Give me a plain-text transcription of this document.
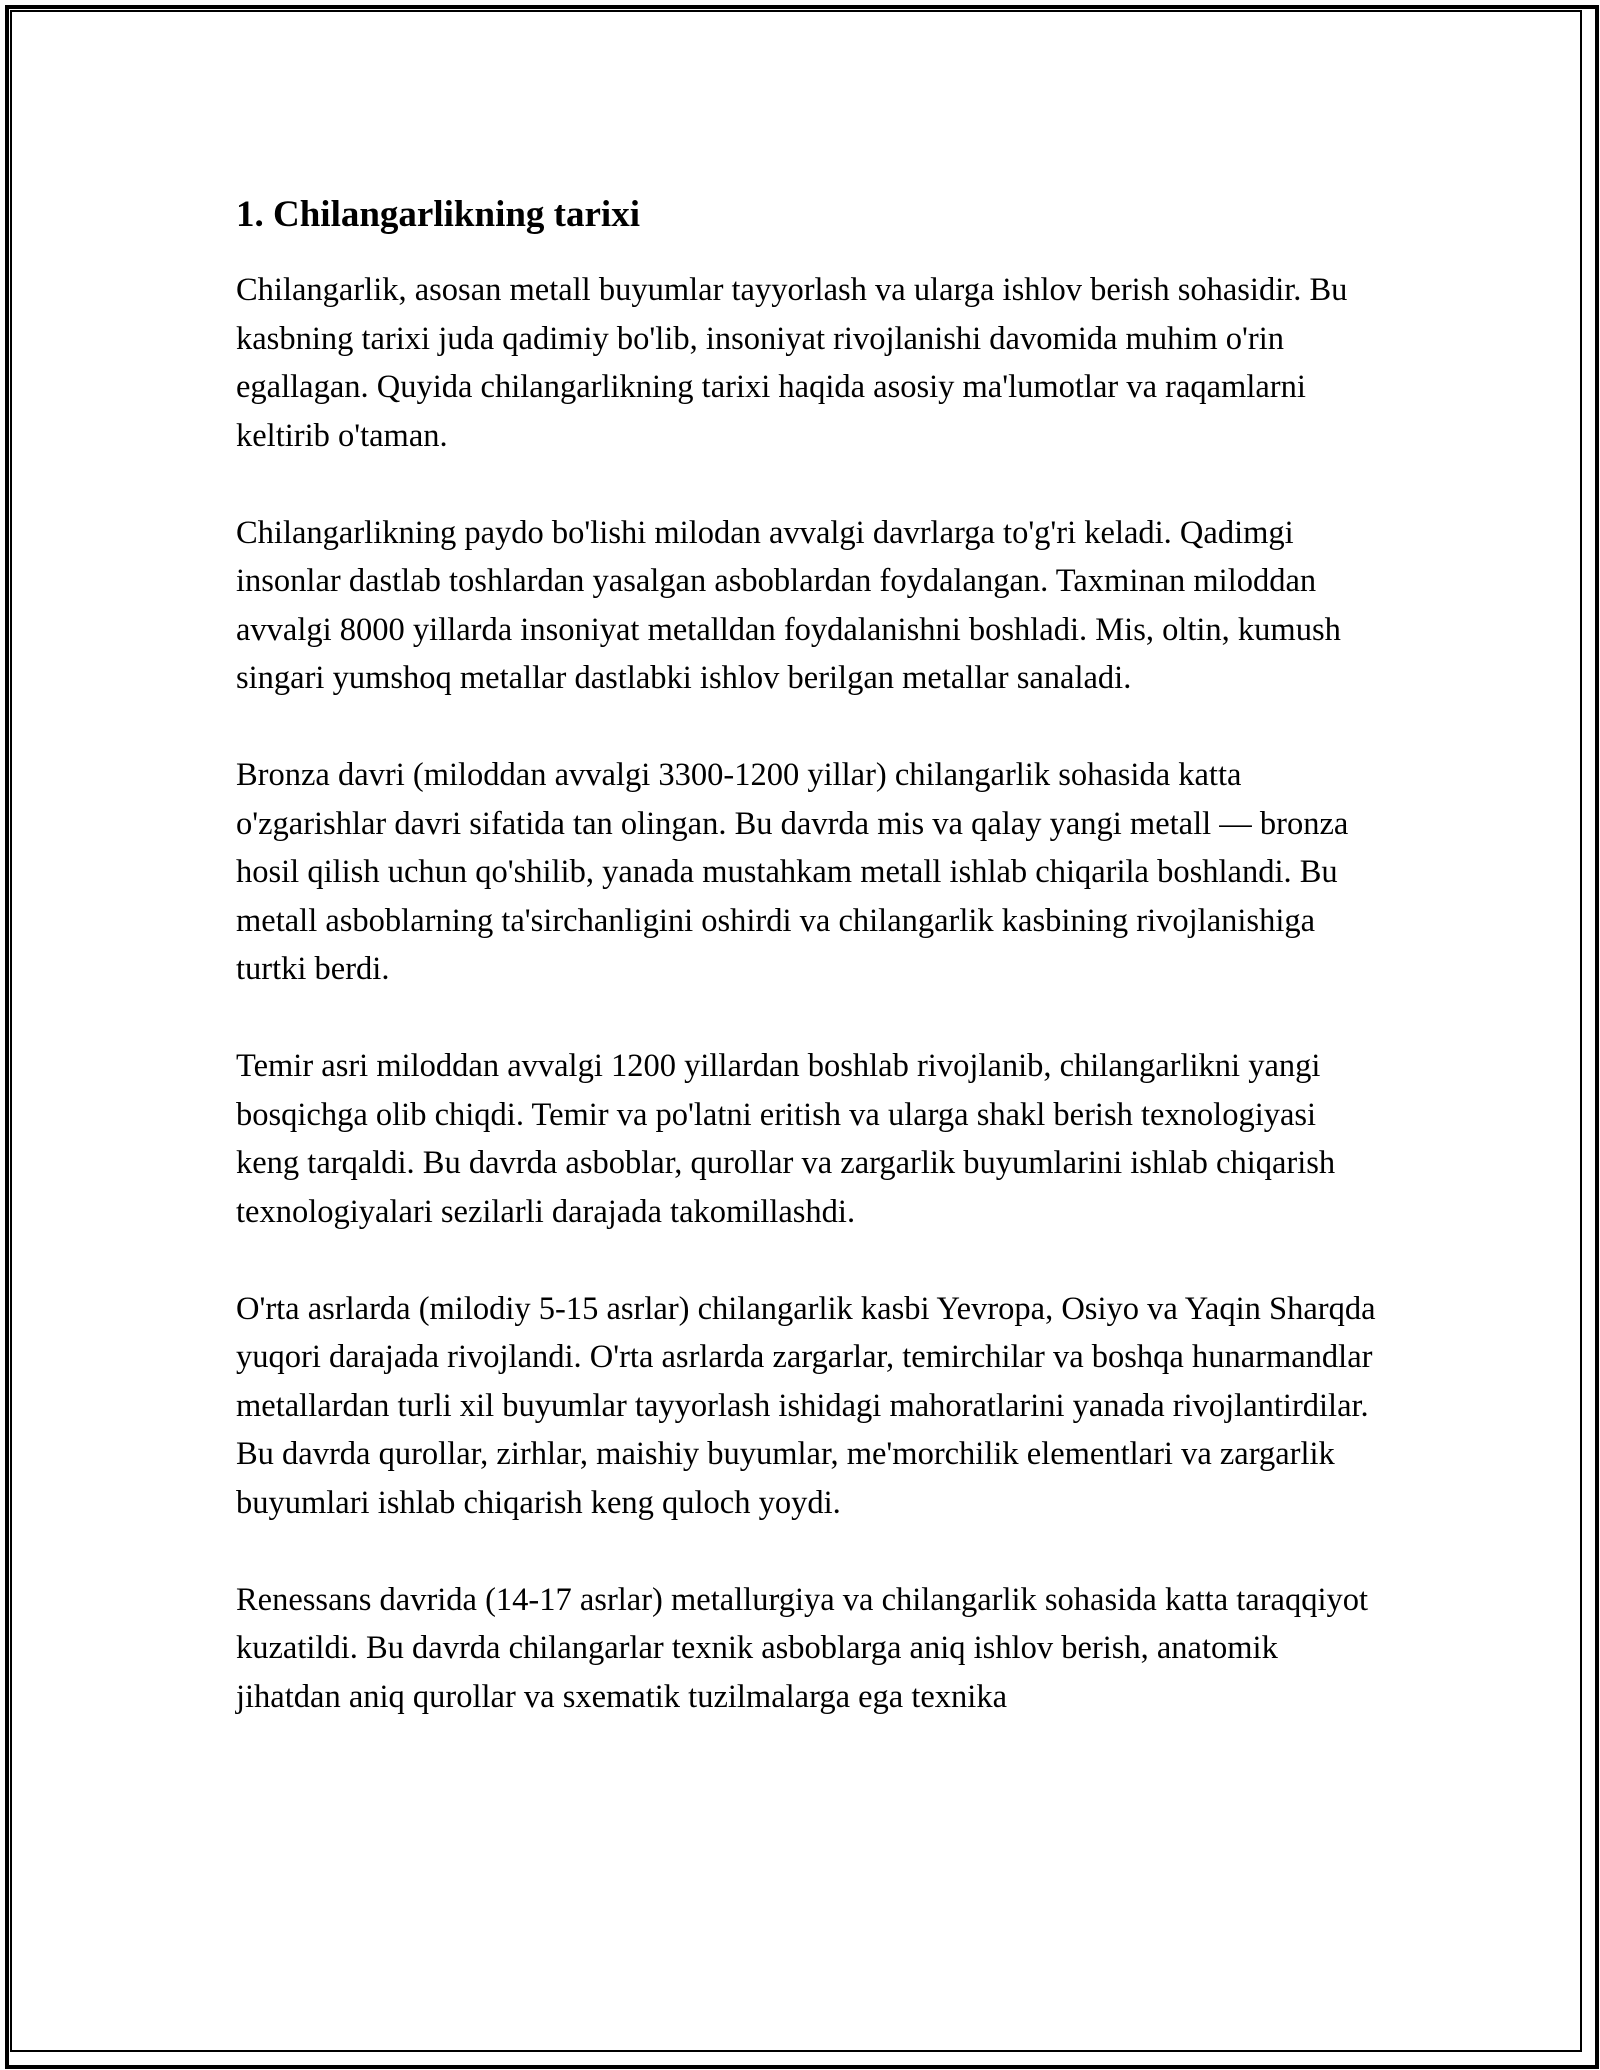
1. Chilangarlikning tarixi

Chilangarlik, asosan metall buyumlar tayyorlash va ularga ishlov berish sohasidir. Bu kasbning tarixi juda qadimiy bo'lib, insoniyat rivojlanishi davomida muhim o'rin egallagan. Quyida chilangarlikning tarixi haqida asosiy ma'lumotlar va raqamlarni keltirib o'taman.

Chilangarlikning paydo bo'lishi milodan avvalgi davrlarga to'g'ri keladi. Qadimgi insonlar dastlab toshlardan yasalgan asboblardan foydalangan. Taxminan miloddan avvalgi 8000 yillarda insoniyat metalldan foydalanishni boshladi. Mis, oltin, kumush singari yumshoq metallar dastlabki ishlov berilgan metallar sanaladi.

Bronza davri (miloddan avvalgi 3300-1200 yillar) chilangarlik sohasida katta o'zgarishlar davri sifatida tan olingan. Bu davrda mis va qalay yangi metall — bronza hosil qilish uchun qo'shilib, yanada mustahkam metall ishlab chiqarila boshlandi. Bu metall asboblarning ta'sirchanligini oshirdi va chilangarlik kasbining rivojlanishiga turtki berdi.

Temir asri miloddan avvalgi 1200 yillardan boshlab rivojlanib, chilangarlikni yangi bosqichga olib chiqdi. Temir va po'latni eritish va ularga shakl berish texnologiyasi keng tarqaldi. Bu davrda asboblar, qurollar va zargarlik buyumlarini ishlab chiqarish texnologiyalari sezilarli darajada takomillashdi.

O'rta asrlarda (milodiy 5-15 asrlar) chilangarlik kasbi Yevropa, Osiyo va Yaqin Sharqda yuqori darajada rivojlandi. O'rta asrlarda zargarlar, temirchilar va boshqa hunarmandlar metallardan turli xil buyumlar tayyorlash ishidagi mahoratlarini yanada rivojlantirdilar. Bu davrda qurollar, zirhlar, maishiy buyumlar, me'morchilik elementlari va zargarlik buyumlari ishlab chiqarish keng quloch yoydi.

Renessans davrida (14-17 asrlar) metallurgiya va chilangarlik sohasida katta taraqqiyot kuzatildi. Bu davrda chilangarlar texnik asboblarga aniq ishlov berish, anatomik jihatdan aniq qurollar va sxematik tuzilmalarga ega texnika
